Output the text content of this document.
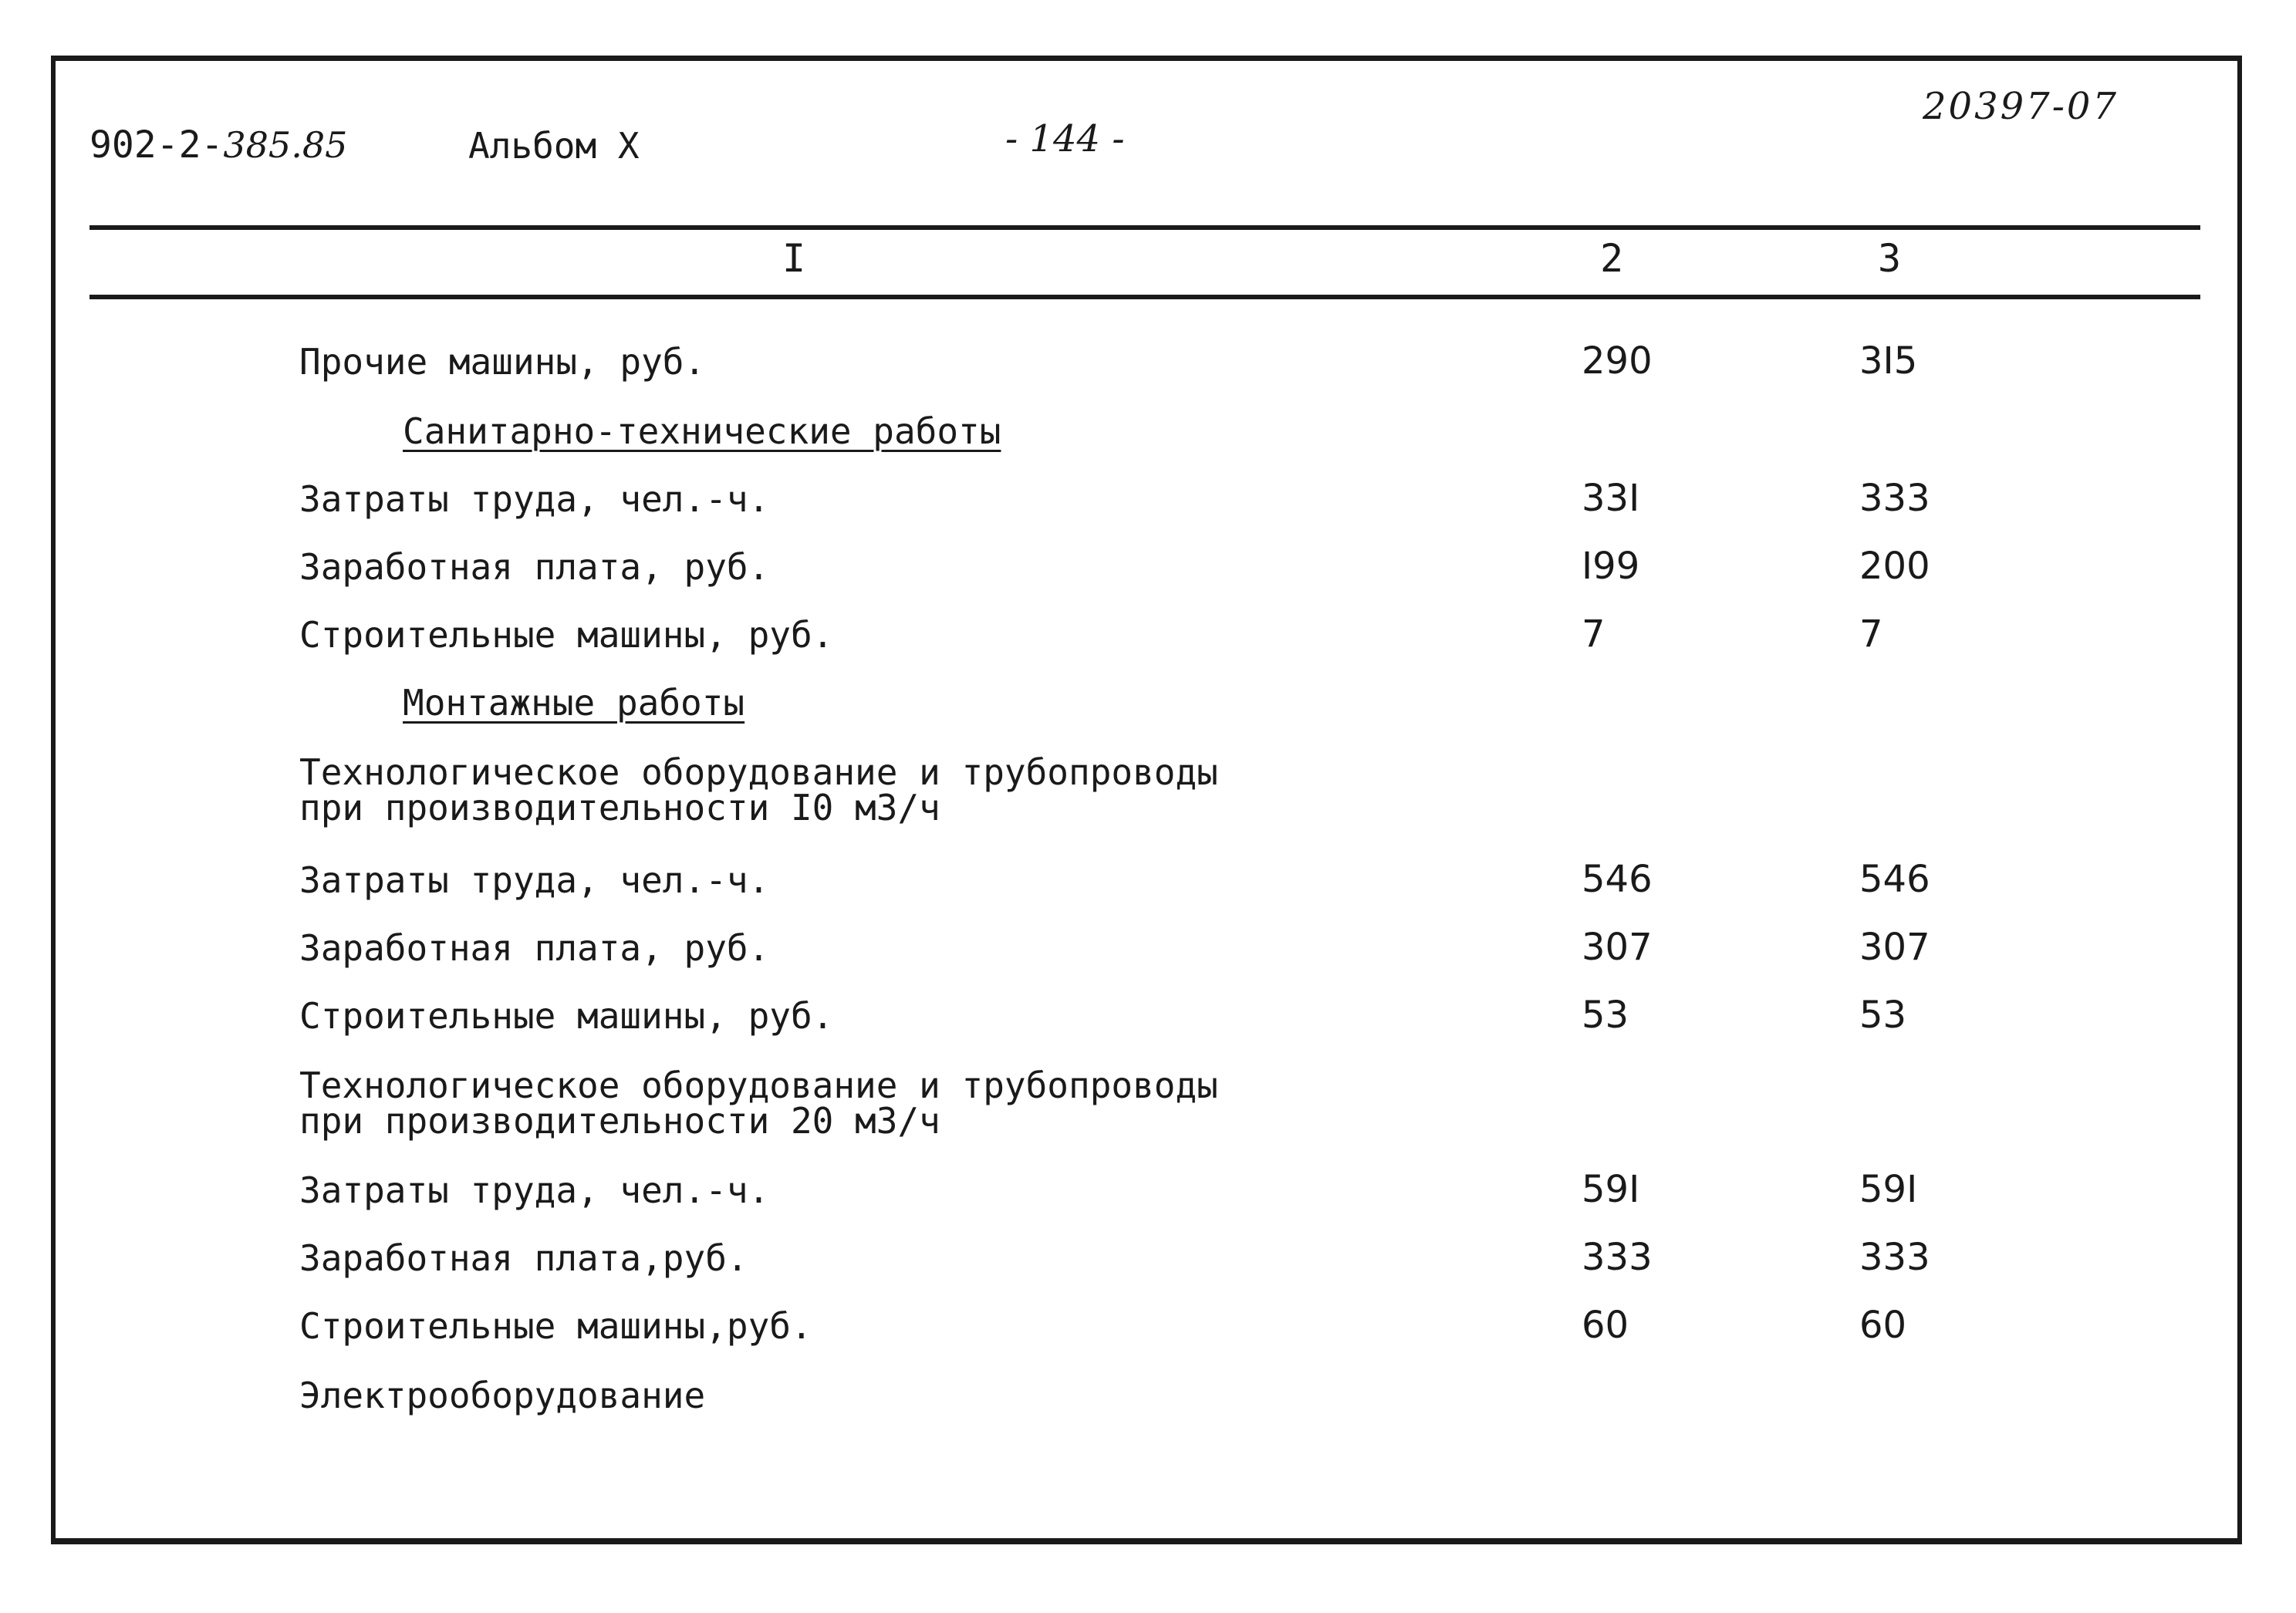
902-2-385.85	Альбом X	- 144 -
20397-07
I	2	3
Прочие машины, руб.	290	3I5
Санитарно-технические работы
Затраты труда, чел.-ч.	33I	333
Заработная плата, руб.	I99	200
Строительные машины, руб.	7	7
Монтажные работы
Технологическое оборудование и трубопроводы
при производительности I0 м3/ч
Затраты труда, чел.-ч.	546	546
Заработная плата, руб.	307	307
Строительные машины, руб.	53	53
Технологическое оборудование и трубопроводы
при производительности 20 м3/ч
Затраты труда, чел.-ч.	59I	59I
Заработная плата,руб.	333	333
Строительные машины,руб.	60	60
Электрооборудование
